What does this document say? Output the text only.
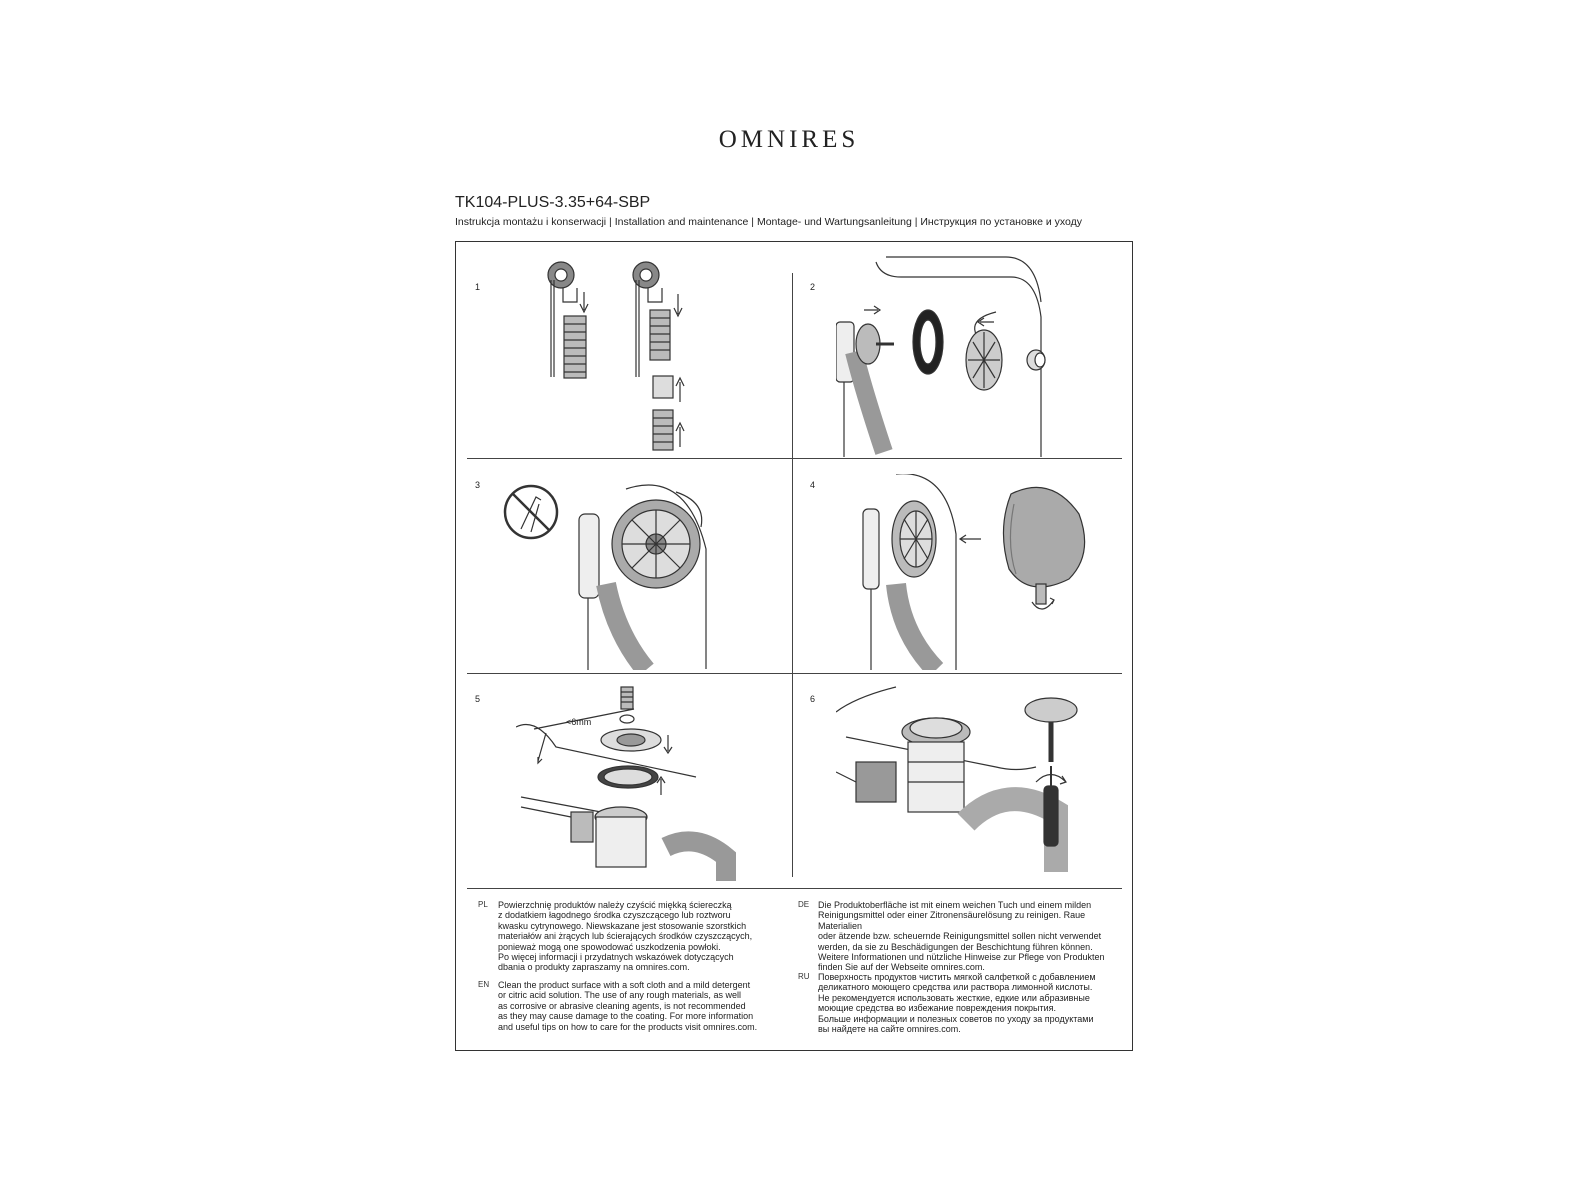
OMNIRES
TK104-PLUS-3.35+64-SBP
Instrukcja montażu i konserwacji | Installation and maintenance | Montage- und Wartungsanleitung | Инструкция по установке и уходу
1	2
3	4
5	6
<6mm
PL Powierzchnię produktów należy czyścić miękką ściereczką
z dodatkiem łagodnego środka czyszczącego lub roztworu
kwasku cytrynowego. Niewskazane jest stosowanie szorstkich
materiałów ani żrących lub ścierających środków czyszczących,
ponieważ mogą one spowodować uszkodzenia powłoki.
Po więcej informacji i przydatnych wskazówek dotyczących
dbania o produkty zapraszamy na omnires.com.
EN Clean the product surface with a soft cloth and a mild detergent
or citric acid solution. The use of any rough materials, as well
as corrosive or abrasive cleaning agents, is not recommended
as they may cause damage to the coating. For more information
and useful tips on how to care for the products visit omnires.com.
DE Die Produktoberfläche ist mit einem weichen Tuch und einem milden
Reinigungsmittel oder einer Zitronensäurelösung zu reinigen. Raue Materialien
oder ätzende bzw. scheuernde Reinigungsmittel sollen nicht verwendet
werden, da sie zu Beschädigungen der Beschichtung führen können.
Weitere Informationen und nützliche Hinweise zur Pflege von Produkten
finden Sie auf der Webseite omnires.com.
RU Поверхность продуктов чистить мягкой салфеткой с добавлением
деликатного моющего средства или раствора лимонной кислоты.
Не рекомендуется использовать жесткие, едкие или абразивные
моющие средства во избежание повреждения покрытия.
Больше информации и полезных советов по уходу за продуктами
вы найдете на сайте omnires.com.
